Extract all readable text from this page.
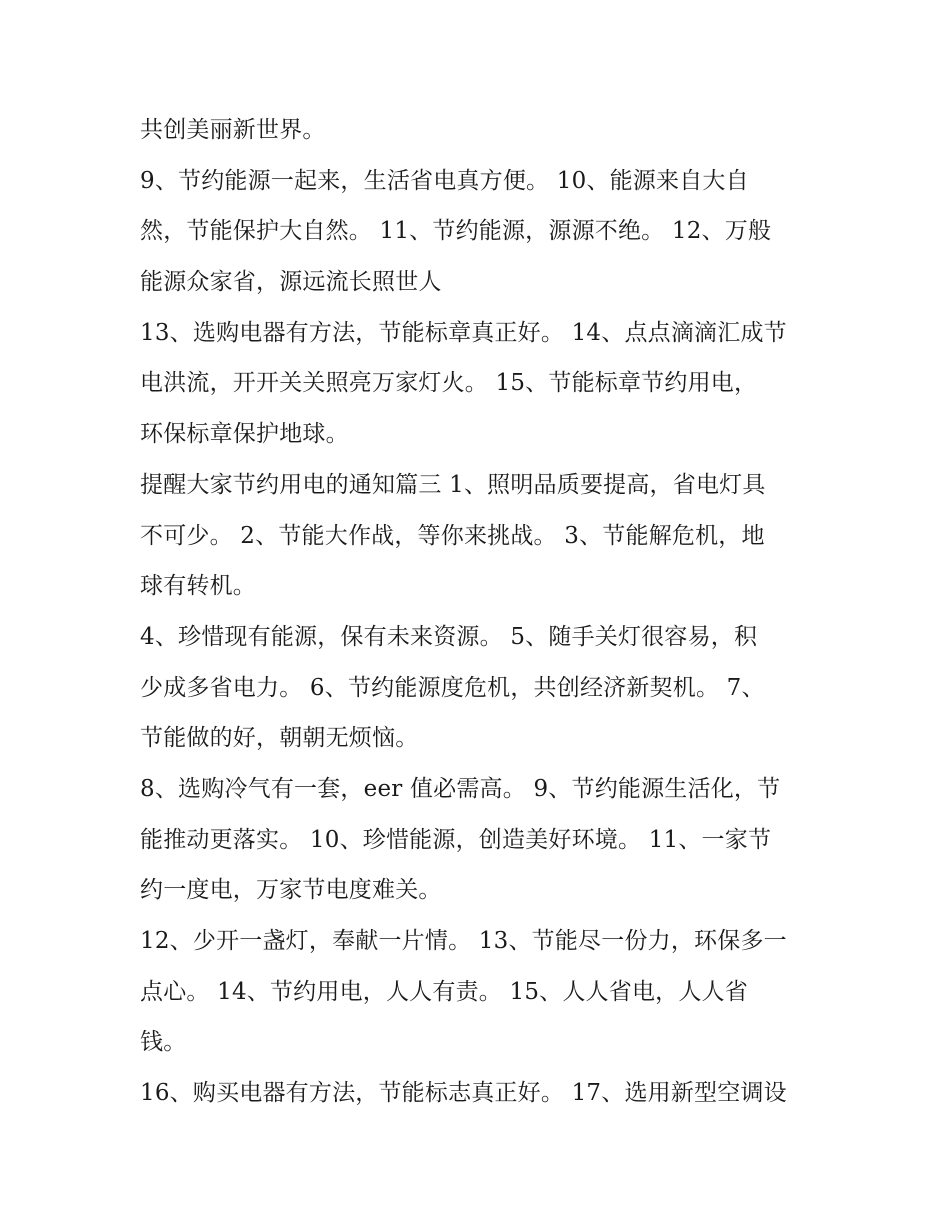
共创美丽新世界。

9、节约能源一起来，生活省电真方便。 10、能源来自大自
然，节能保护大自然。 11、节约能源，源源不绝。 12、万般
能源众家省，源远流长照世人

13、选购电器有方法，节能标章真正好。 14、点点滴滴汇成节
电洪流，开开关关照亮万家灯火。 15、节能标章节约用电，
环保标章保护地球。

提醒大家节约用电的通知篇三 1、照明品质要提高，省电灯具
不可少。 2、节能大作战，等你来挑战。 3、节能解危机，地
球有转机。

4、珍惜现有能源，保有未来资源。 5、随手关灯很容易，积
少成多省电力。 6、节约能源度危机，共创经济新契机。 7、
节能做的好，朝朝无烦恼。

8、选购冷气有一套，eer 值必需高。 9、节约能源生活化，节
能推动更落实。 10、珍惜能源，创造美好环境。 11、一家节
约一度电，万家节电度难关。

12、少开一盏灯，奉献一片情。 13、节能尽一份力，环保多一
点心。 14、节约用电，人人有责。 15、人人省电，人人省
钱。

16、购买电器有方法，节能标志真正好。 17、选用新型空调设
